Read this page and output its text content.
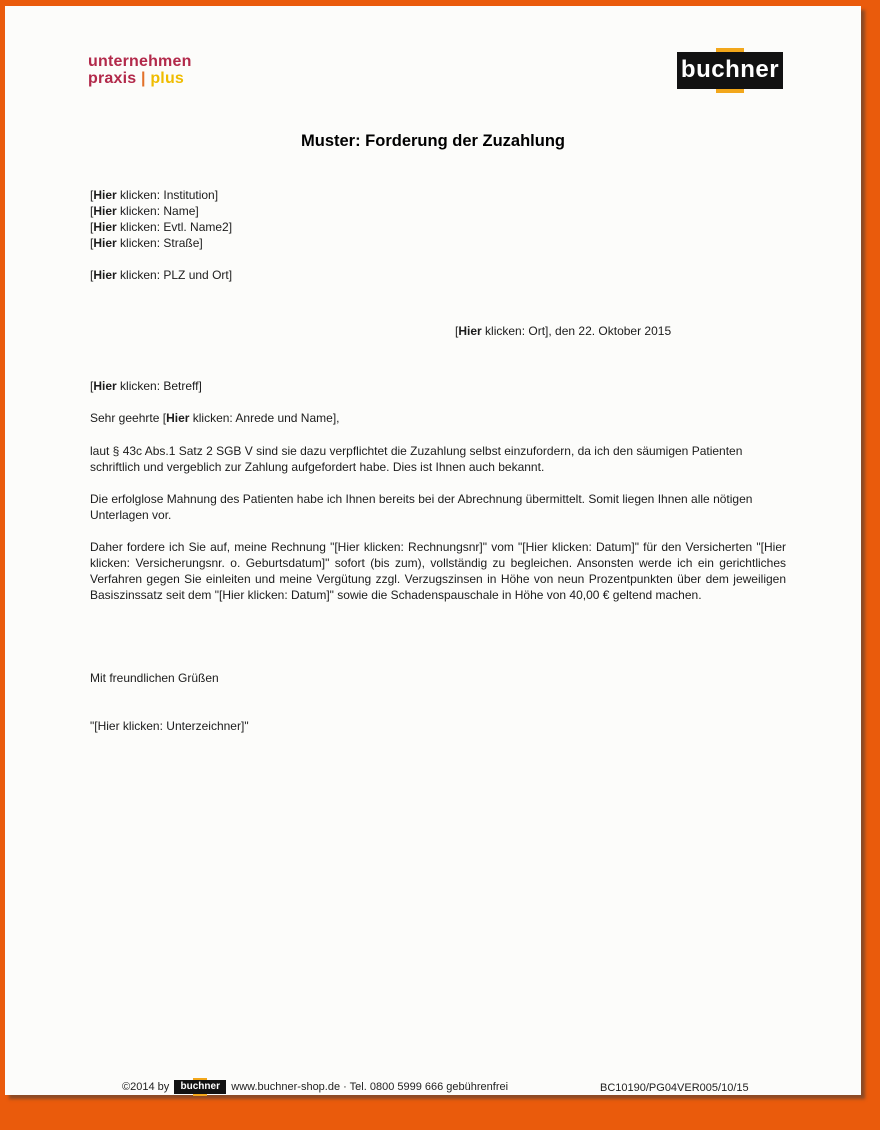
unternehmen
praxis | plus	buchner
Muster: Forderung der Zuzahlung
[Hier klicken: Institution]
[Hier klicken: Name]
[Hier klicken: Evtl. Name2]
[Hier klicken: Straße]
[Hier klicken: PLZ und Ort]
[Hier klicken: Ort], den 22. Oktober 2015
[Hier klicken: Betreff]
Sehr geehrte [Hier klicken: Anrede und Name],

laut § 43c Abs.1 Satz 2 SGB V sind sie dazu verpflichtet die Zuzahlung selbst einzufordern, da ich den säumigen Patienten schriftlich und vergeblich zur Zahlung aufgefordert habe. Dies ist Ihnen auch bekannt.

Die erfolglose Mahnung des Patienten habe ich Ihnen bereits bei der Abrechnung übermittelt. Somit liegen Ihnen alle nötigen Unterlagen vor.

Daher fordere ich Sie auf, meine Rechnung "[Hier klicken: Rechnungsnr]" vom "[Hier klicken: Datum]" für den Versicherten "[Hier klicken: Versicherungsnr. o. Geburtsdatum]" sofort (bis zum), vollständig zu begleichen. Ansonsten werde ich ein gerichtliches Verfahren gegen Sie einleiten und meine Vergütung zzgl. Verzugszinsen in Höhe von neun Prozentpunkten über dem jeweiligen Basiszinssatz seit dem "[Hier klicken: Datum]" sowie die Schadenspauschale in Höhe von 40,00 € geltend machen.

Mit freundlichen Grüßen
"[Hier klicken: Unterzeichner]"
©2014 by	buchner	www.buchner-shop.de · Tel. 0800 5999 666 gebührenfrei	BC10190/PG04VER005/10/15
